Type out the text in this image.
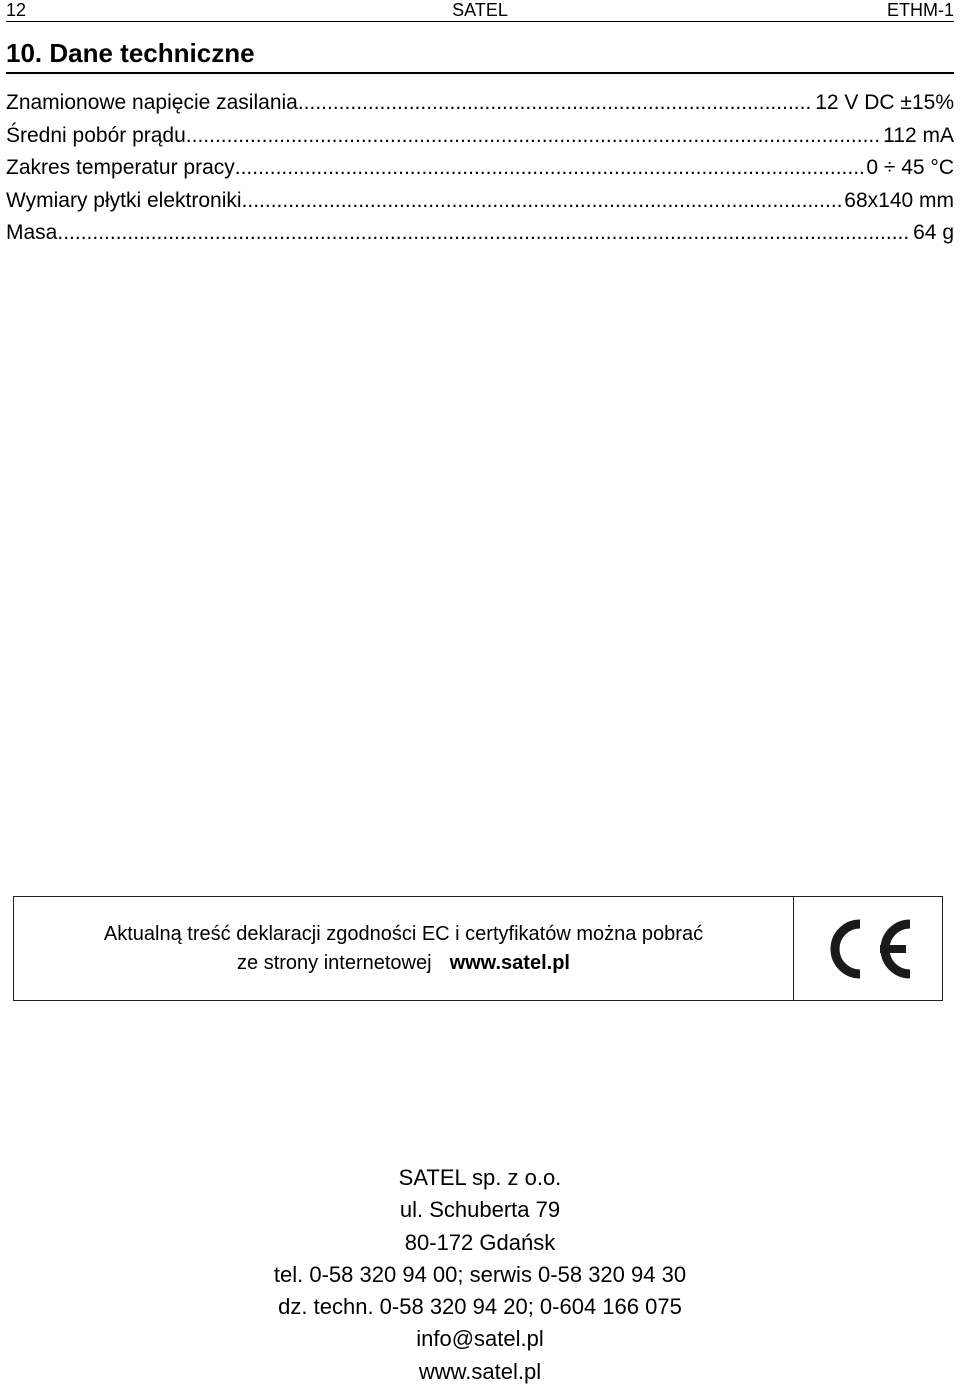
12	SATEL	ETHM-1
10. Dane techniczne
Znamionowe napięcie zasilania .....	12 V DC ±15%
Średni pobór prądu .....	112 mA
Zakres temperatur pracy .....	0 ÷ 45 °C
Wymiary płytki elektroniki .....	68x140 mm
Masa .....	64 g
Aktualną treść deklaracji zgodności EC i certyfikatów można pobrać
ze strony internetowej www.satel.pl
SATEL sp. z o.o.
ul. Schuberta 79
80-172 Gdańsk
tel. 0-58 320 94 00; serwis 0-58 320 94 30
dz. techn. 0-58 320 94 20; 0-604 166 075
info@satel.pl
www.satel.pl
